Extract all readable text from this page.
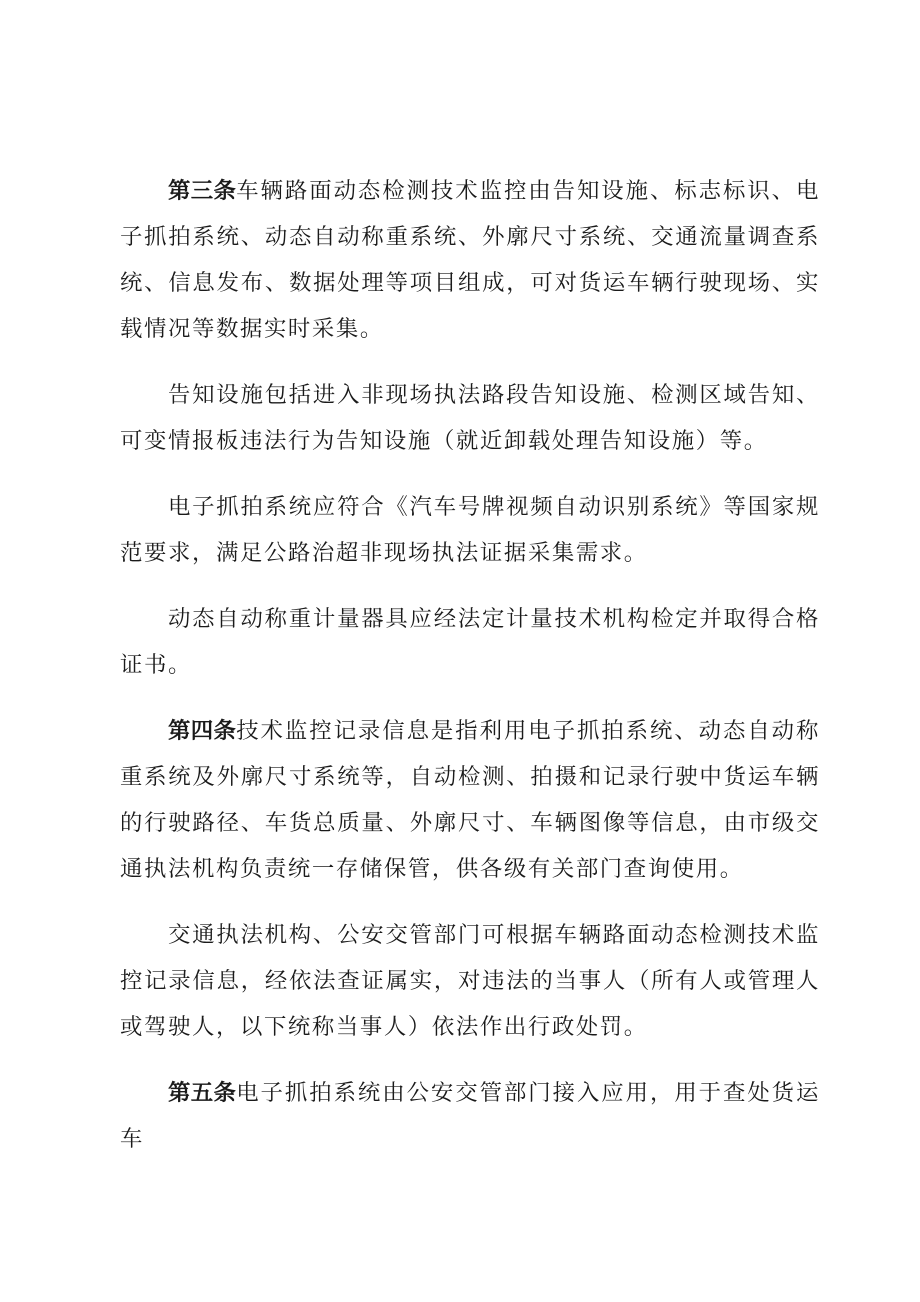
第三条车辆路面动态检测技术监控由告知设施、标志标识、电子抓拍系统、动态自动称重系统、外廓尺寸系统、交通流量调查系统、信息发布、数据处理等项目组成，可对货运车辆行驶现场、实载情况等数据实时采集。

告知设施包括进入非现场执法路段告知设施、检测区域告知、可变情报板违法行为告知设施（就近卸载处理告知设施）等。

电子抓拍系统应符合《汽车号牌视频自动识别系统》等国家规范要求，满足公路治超非现场执法证据采集需求。

动态自动称重计量器具应经法定计量技术机构检定并取得合格证书。

第四条技术监控记录信息是指利用电子抓拍系统、动态自动称重系统及外廓尺寸系统等，自动检测、拍摄和记录行驶中货运车辆的行驶路径、车货总质量、外廓尺寸、车辆图像等信息，由市级交通执法机构负责统一存储保管，供各级有关部门查询使用。

交通执法机构、公安交管部门可根据车辆路面动态检测技术监控记录信息，经依法查证属实，对违法的当事人（所有人或管理人或驾驶人，以下统称当事人）依法作出行政处罚。

第五条电子抓拍系统由公安交管部门接入应用，用于查处货运车
